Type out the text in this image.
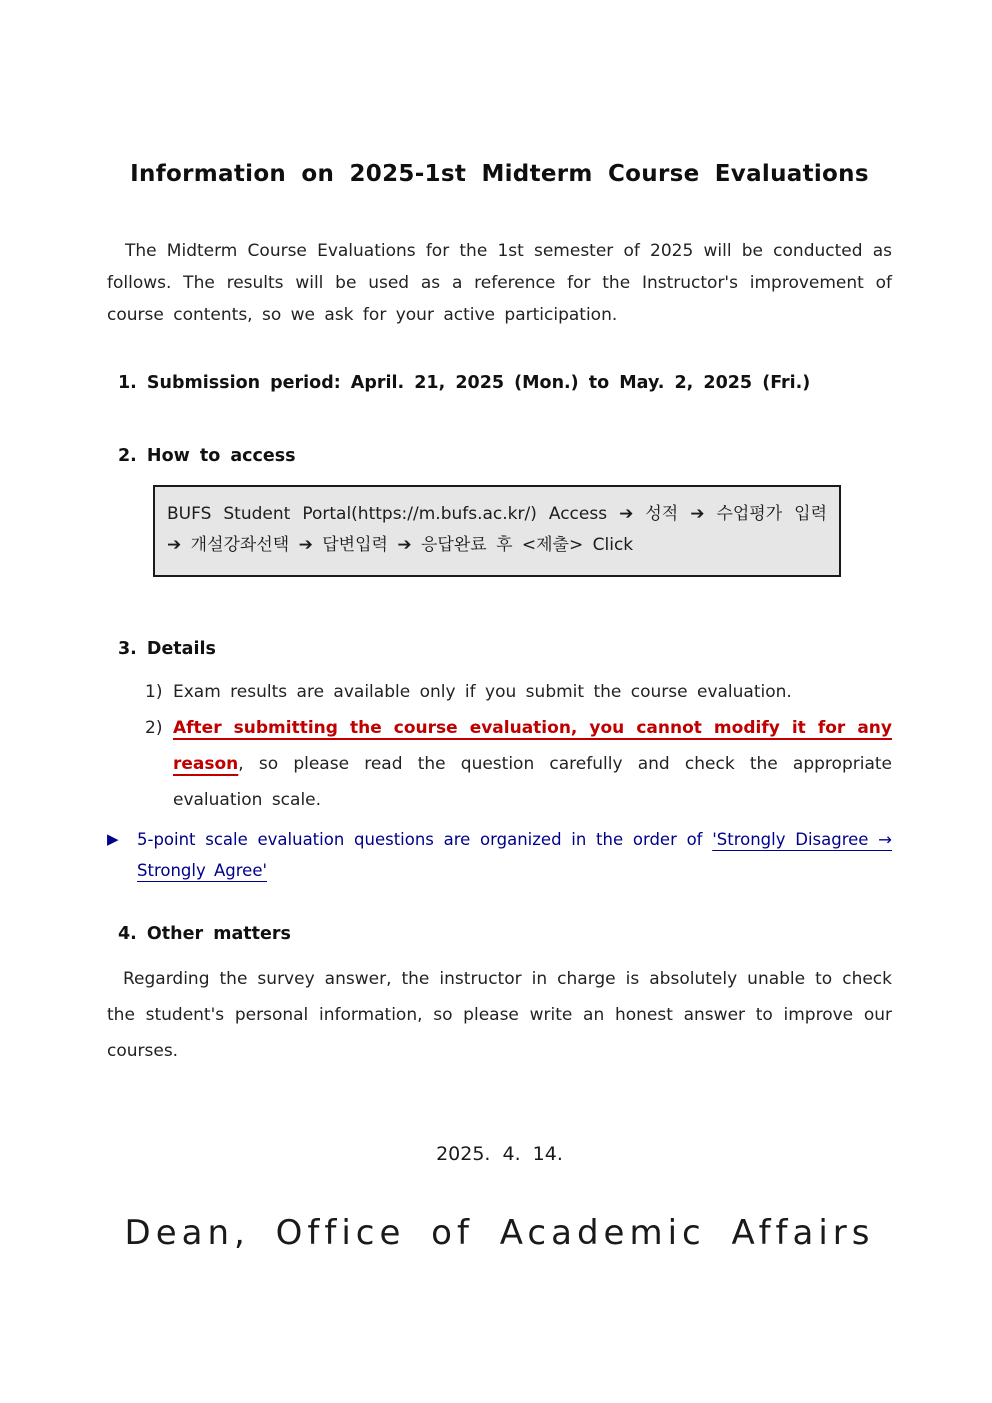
Information on 2025-1st Midterm Course Evaluations

The Midterm Course Evaluations for the 1st semester of 2025 will be conducted as follows. The results will be used as a reference for the Instructor's improvement of course contents, so we ask for your active participation.

1. Submission period: April. 21, 2025 (Mon.) to May. 2, 2025 (Fri.)
2. How to access
BUFS Student Portal(https://m.bufs.ac.kr/) Access ➔ 성적 ➔ 수업평가 입력 ➔ 개설강좌선택 ➔ 답변입력 ➔ 응답완료 후 <제출> Click
3. Details
1) Exam results are available only if you submit the course evaluation.
2) After submitting the course evaluation, you cannot modify it for any reason, so please read the question carefully and check the appropriate evaluation scale.
▶	5-point scale evaluation questions are organized in the order of 'Strongly Disagree → Strongly Agree'
4. Other matters

Regarding the survey answer, the instructor in charge is absolutely unable to check the student's personal information, so please write an honest answer to improve our courses.

2025. 4. 14.
Dean, Office of Academic Affairs
